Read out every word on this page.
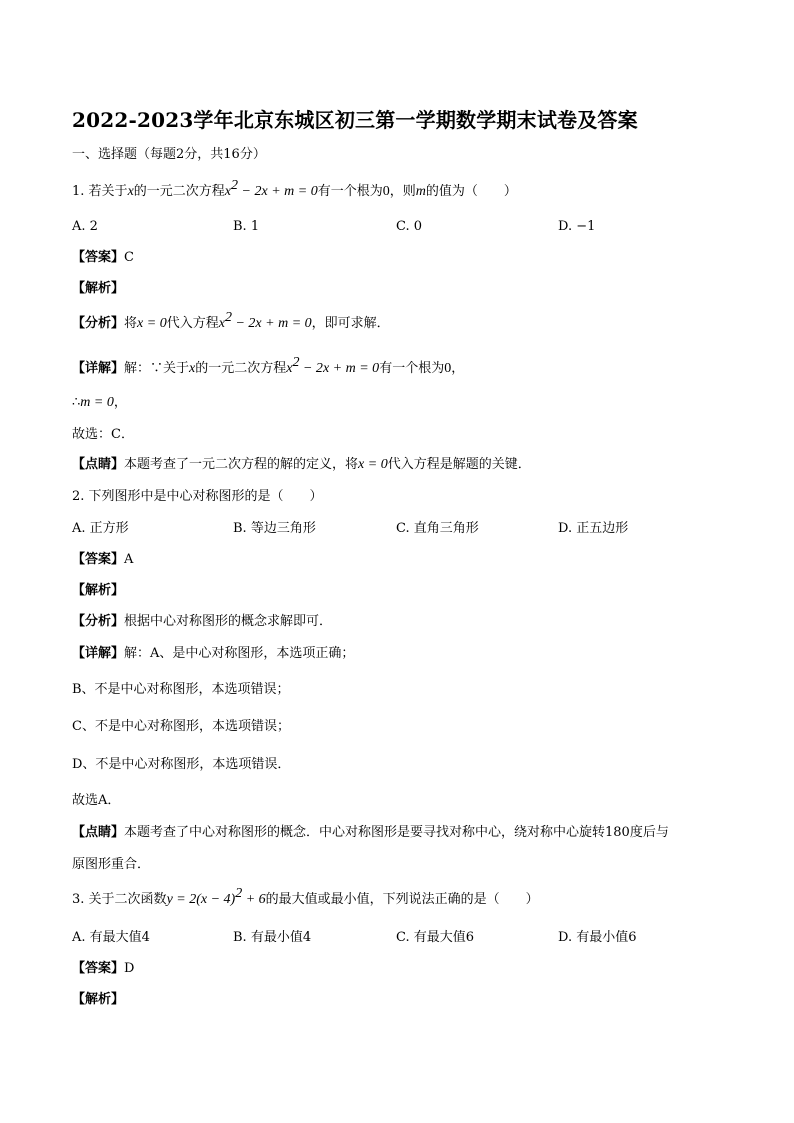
2022-2023学年北京东城区初三第一学期数学期末试卷及答案
一、选择题（每题2分，共16分）
1. 若关于x的一元二次方程$x^2 - 2x + m = 0$有一个根为0，则m的值为（　　）
A. 2	B. 1	C. 0	D. −1
【答案】C
【解析】
【分析】将x = 0代入方程$x^2 - 2x + m = 0$，即可求解．
【详解】解：∵关于x的一元二次方程$x^2 - 2x + m = 0$有一个根为0，
∴m = 0，
故选：C．
【点睛】本题考查了一元二次方程的解的定义，将x = 0代入方程是解题的关键．
2. 下列图形中是中心对称图形的是（　　）
A. 正方形	B. 等边三角形	C. 直角三角形	D. 正五边形
【答案】A
【解析】
【分析】根据中心对称图形的概念求解即可．
【详解】解：A、是中心对称图形，本选项正确；
B、不是中心对称图形，本选项错误；
C、不是中心对称图形，本选项错误；
D、不是中心对称图形，本选项错误．
故选A．
【点睛】本题考查了中心对称图形的概念．中心对称图形是要寻找对称中心，绕对称中心旋转180度后与
原图形重合．
3. 关于二次函数$y = 2(x - 4)^2 + 6$的最大值或最小值，下列说法正确的是（　　）
A. 有最大值4	B. 有最小值4	C. 有最大值6	D. 有最小值6
【答案】D
【解析】
